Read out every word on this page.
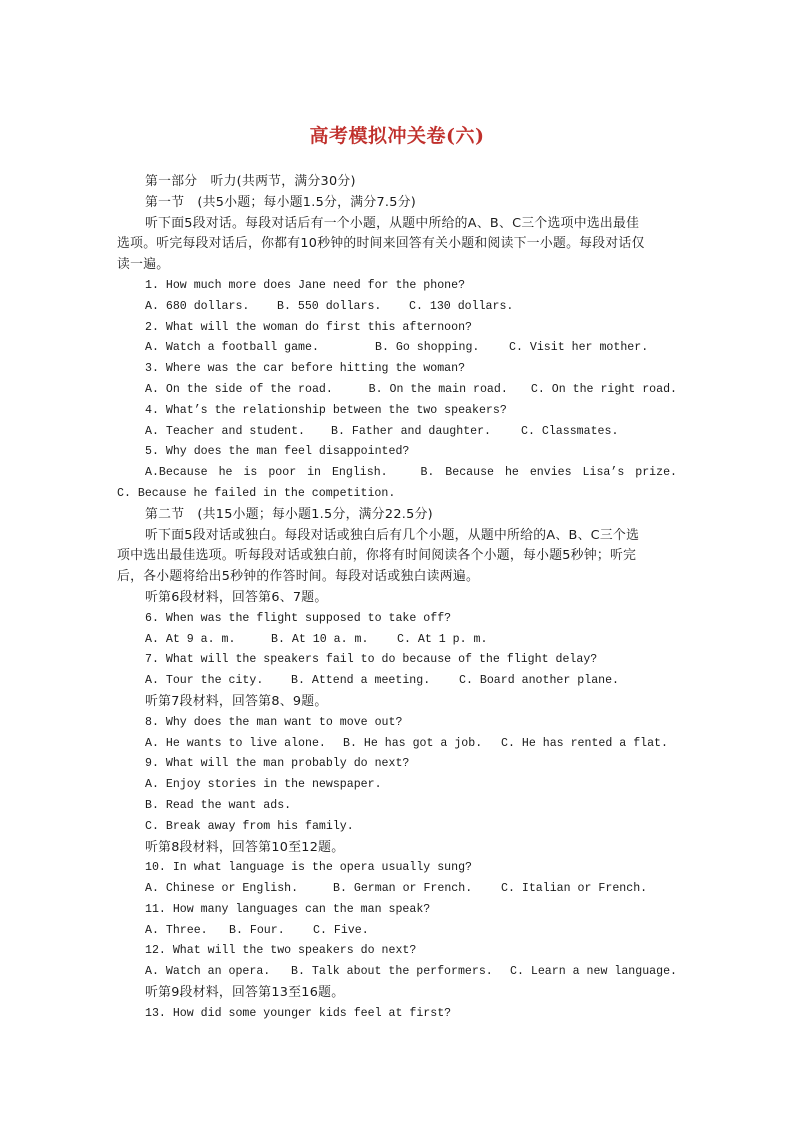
高考模拟冲关卷(六)
第一部分　听力(共两节，满分30分)
第一节　(共5小题；每小题1.5分，满分7.5分)
听下面5段对话。每段对话后有一个小题，从题中所给的A、B、C三个选项中选出最佳
选项。听完每段对话后，你都有10秒钟的时间来回答有关小题和阅读下一小题。每段对话仅
读一遍。
1. How much more does Jane need for the phone?
A. 680 dollars.	B. 550 dollars.	C. 130 dollars.
2. What will the woman do first this afternoon?
A. Watch a football game.	B. Go shopping.	C. Visit her mother.
3. Where was the car before hitting the woman?
A. On the side of the road.	B. On the main road.	C. On the right road.
4. What’s the relationship between the two speakers?
A. Teacher and student.	B. Father and daughter.	C. Classmates.
5. Why does the man feel disappointed?
A.Because he is poor in English.	B. Because he envies Lisa’s prize.
C. Because he failed in the competition.
第二节　(共15小题；每小题1.5分，满分22.5分)
听下面5段对话或独白。每段对话或独白后有几个小题，从题中所给的A、B、C三个选
项中选出最佳选项。听每段对话或独白前，你将有时间阅读各个小题，每小题5秒钟；听完
后，各小题将给出5秒钟的作答时间。每段对话或独白读两遍。
听第6段材料，回答第6、7题。
6. When was the flight supposed to take off?
A. At 9 a. m.	B. At 10 a. m.	C. At 1 p. m.
7. What will the speakers fail to do because of the flight delay?
A. Tour the city.	B. Attend a meeting.	C. Board another plane.
听第7段材料，回答第8、9题。
8. Why does the man want to move out?
A. He wants to live alone.	B. He has got a job.	C. He has rented a flat.
9. What will the man probably do next?
A. Enjoy stories in the newspaper.
B. Read the want ads.
C. Break away from his family.
听第8段材料，回答第10至12题。
10. In what language is the opera usually sung?
A. Chinese or English.	B. German or French.	C. Italian or French.
11. How many languages can the man speak?
A. Three.	B. Four.	C. Five.
12. What will the two speakers do next?
A. Watch an opera.	B. Talk about the performers.	C. Learn a new language.
听第9段材料，回答第13至16题。
13. How did some younger kids feel at first?
